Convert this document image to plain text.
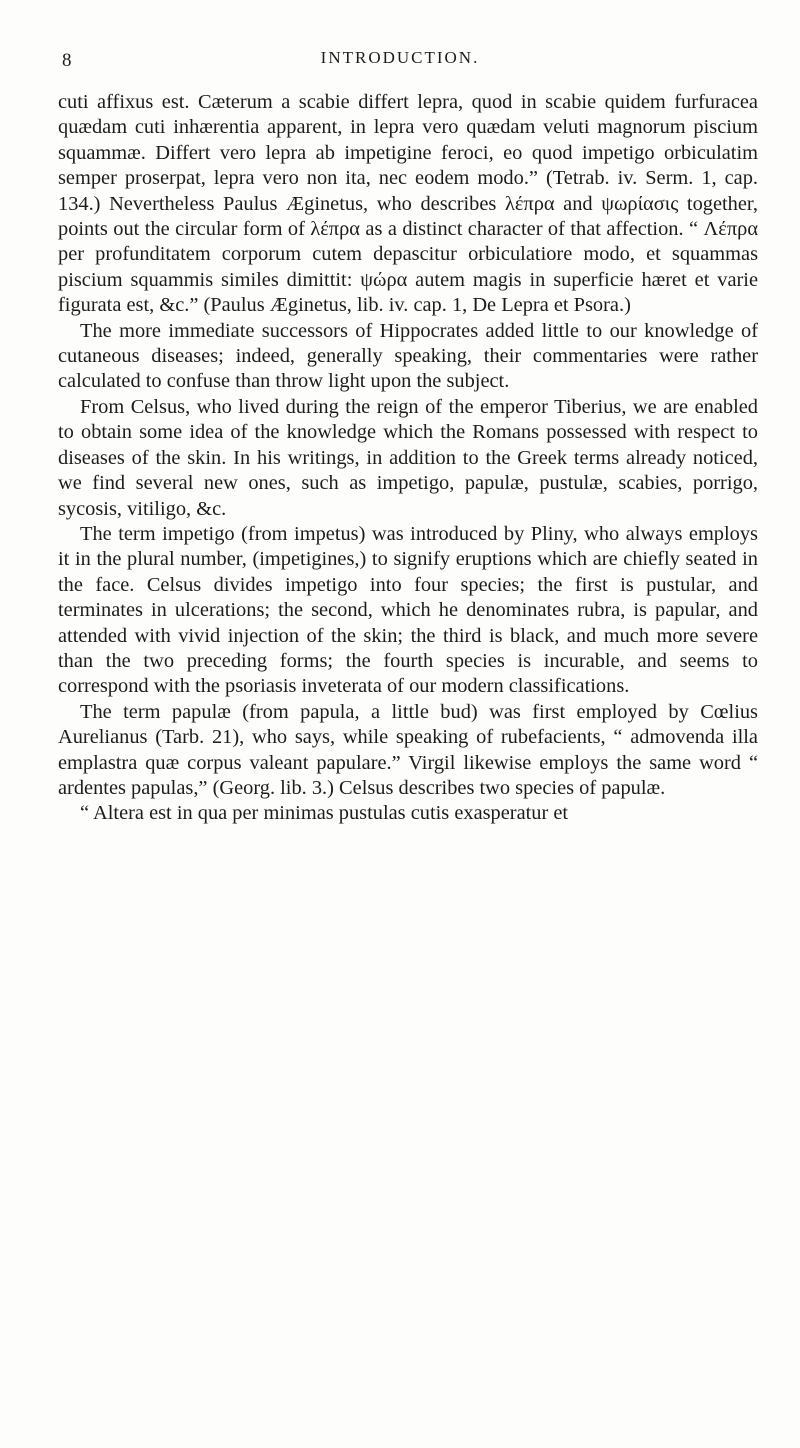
8	INTRODUCTION.

cuti affixus est. Cæterum a scabie differt lepra, quod in scabie quidem furfuracea quædam cuti inhærentia apparent, in lepra vero quædam veluti magnorum piscium squammæ. Differt vero lepra ab impetigine feroci, eo quod impetigo orbiculatim semper proserpat, lepra vero non ita, nec eodem modo.” (Tetrab. iv. Serm. 1, cap. 134.) Nevertheless Paulus Æginetus, who describes λέπρα and ψωρίασις together, points out the circular form of λέπρα as a distinct character of that affection. “ Λέπρα per profunditatem corporum cutem depascitur orbiculatiore modo, et squammas piscium squammis similes dimittit: ψώρα autem magis in superficie hæret et varie figurata est, &c.” (Paulus Æginetus, lib. iv. cap. 1, De Lepra et Psora.)

The more immediate successors of Hippocrates added little to our knowledge of cutaneous diseases; indeed, generally speaking, their commentaries were rather calculated to confuse than throw light upon the subject.

From Celsus, who lived during the reign of the emperor Tiberius, we are enabled to obtain some idea of the knowledge which the Romans possessed with respect to diseases of the skin. In his writings, in addition to the Greek terms already noticed, we find several new ones, such as impetigo, papulæ, pustulæ, scabies, porrigo, sycosis, vitiligo, &c.

The term impetigo (from impetus) was introduced by Pliny, who always employs it in the plural number, (impetigines,) to signify eruptions which are chiefly seated in the face. Celsus divides impetigo into four species; the first is pustular, and terminates in ulcerations; the second, which he denominates rubra, is papular, and attended with vivid injection of the skin; the third is black, and much more severe than the two preceding forms; the fourth species is incurable, and seems to correspond with the psoriasis inveterata of our modern classifications.

The term papulæ (from papula, a little bud) was first employed by Cœlius Aurelianus (Tarb. 21), who says, while speaking of rubefacients, “ admovenda illa emplastra quæ corpus valeant papulare.” Virgil likewise employs the same word “ ardentes papulas,” (Georg. lib. 3.) Celsus describes two species of papulæ.

“ Altera est in qua per minimas pustulas cutis exasperatur et
